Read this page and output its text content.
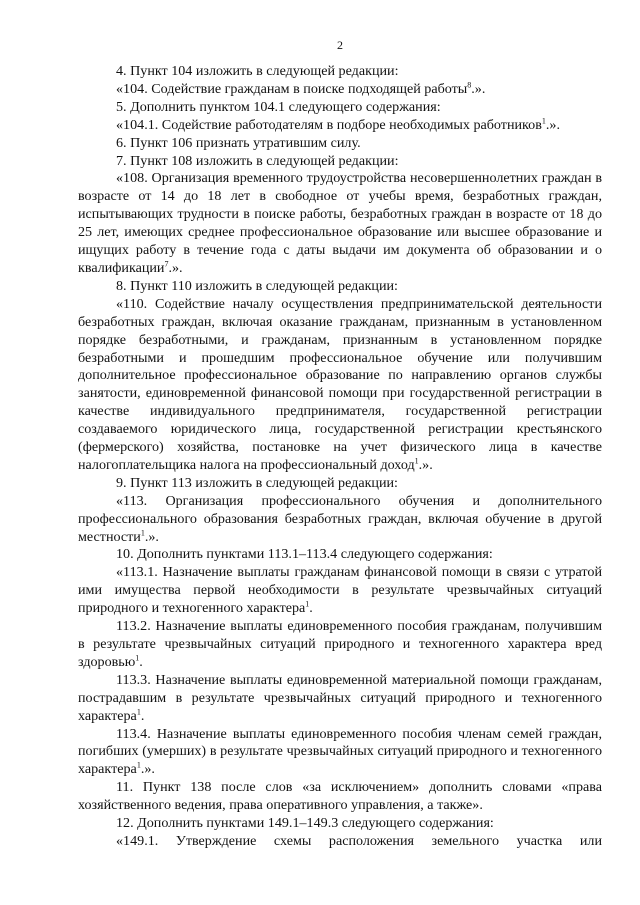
2

4. Пункт 104 изложить в следующей редакции:

«104. Содействие гражданам в поиске подходящей работы$^8$.».

5. Дополнить пунктом 104.1 следующего содержания:

«104.1. Содействие работодателям в подборе необходимых работников$^1$.».

6. Пункт 106 признать утратившим силу.

7. Пункт 108 изложить в следующей редакции:

«108. Организация временного трудоустройства несовершеннолетних граждан в возрасте от 14 до 18 лет в свободное от учебы время, безработных граждан, испытывающих трудности в поиске работы, безработных граждан в возрасте от 18 до 25 лет, имеющих среднее профессиональное образование или высшее образование и ищущих работу в течение года с даты выдачи им документа об образовании и о квалификации$^7$.».

8. Пункт 110 изложить в следующей редакции:

«110. Содействие началу осуществления предпринимательской деятельности безработных граждан, включая оказание гражданам, признанным в установленном порядке безработными, и гражданам, признанным в установленном порядке безработными и прошедшим профессиональное обучение или получившим дополнительное профессиональное образование по направлению органов службы занятости, единовременной финансовой помощи при государственной регистрации в качестве индивидуального предпринимателя, государственной регистрации создаваемого юридического лица, государственной регистрации крестьянского (фермерского) хозяйства, постановке на учет физического лица в качестве налогоплательщика налога на профессиональный доход$^1$.».

9. Пункт 113 изложить в следующей редакции:

«113. Организация профессионального обучения и дополнительного профессионального образования безработных граждан, включая обучение в другой местности$^1$.».

10. Дополнить пунктами 113.1–113.4 следующего содержания:

«113.1. Назначение выплаты гражданам финансовой помощи в связи с утратой ими имущества первой необходимости в результате чрезвычайных ситуаций природного и техногенного характера$^1$.

113.2. Назначение выплаты единовременного пособия гражданам, получившим в результате чрезвычайных ситуаций природного и техногенного характера вред здоровью$^1$.

113.3. Назначение выплаты единовременной материальной помощи гражданам, пострадавшим в результате чрезвычайных ситуаций природного и техногенного характера$^1$.

113.4. Назначение выплаты единовременного пособия членам семей граждан, погибших (умерших) в результате чрезвычайных ситуаций природного и техногенного характера$^1$.».

11. Пункт 138 после слов «за исключением» дополнить словами «права хозяйственного ведения, права оперативного управления, а также».

12. Дополнить пунктами 149.1–149.3 следующего содержания:

«149.1. Утверждение схемы расположения земельного участка или
